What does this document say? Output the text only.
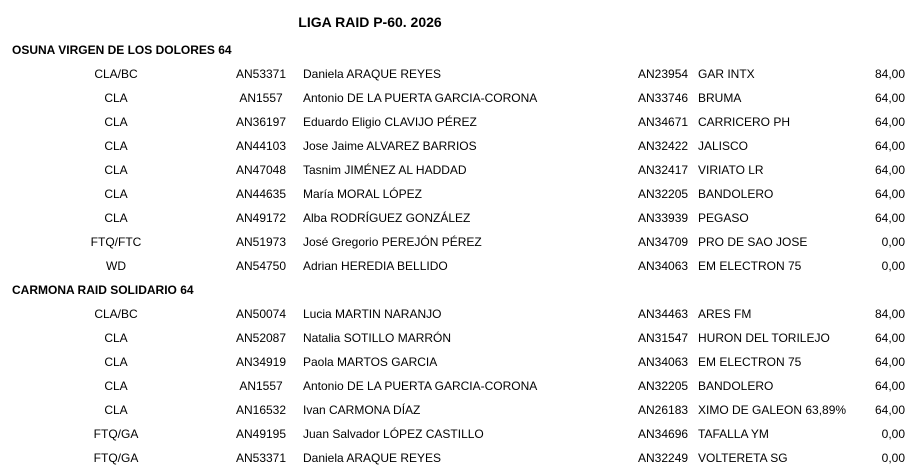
LIGA RAID P-60. 2026
OSUNA VIRGEN DE LOS DOLORES 64
CLA/BC	AN53371	Daniela ARAQUE REYES	AN23954 GAR INTX	84,00
CLA	AN1557	Antonio DE LA PUERTA GARCIA-CORONA	AN33746 BRUMA	64,00
CLA	AN36197	Eduardo Eligio CLAVIJO PÉREZ	AN34671 CARRICERO PH	64,00
CLA	AN44103	Jose Jaime ALVAREZ BARRIOS	AN32422 JALISCO	64,00
CLA	AN47048	Tasnim JIMÉNEZ AL HADDAD	AN32417 VIRIATO LR	64,00
CLA	AN44635	María MORAL LÓPEZ	AN32205 BANDOLERO	64,00
CLA	AN49172	Alba RODRÍGUEZ GONZÁLEZ	AN33939 PEGASO	64,00
FTQ/FTC	AN51973	José Gregorio PEREJÓN PÉREZ	AN34709 PRO DE SAO JOSE	0,00
WD	AN54750	Adrian HEREDIA BELLIDO	AN34063 EM ELECTRON 75	0,00
CARMONA RAID SOLIDARIO 64
CLA/BC	AN50074	Lucia MARTIN NARANJO	AN34463 ARES FM	84,00
CLA	AN52087	Natalia SOTILLO MARRÓN	AN31547 HURON DEL TORILEJO	64,00
CLA	AN34919	Paola MARTOS GARCIA	AN34063 EM ELECTRON 75	64,00
CLA	AN1557	Antonio DE LA PUERTA GARCIA-CORONA	AN32205 BANDOLERO	64,00
CLA	AN16532	Ivan CARMONA DÍAZ	AN26183 XIMO DE GALEON 63,89%	64,00
FTQ/GA	AN49195	Juan Salvador LÓPEZ CASTILLO	AN34696 TAFALLA YM	0,00
FTQ/GA	AN53371	Daniela ARAQUE REYES	AN32249 VOLTERETA SG	0,00
